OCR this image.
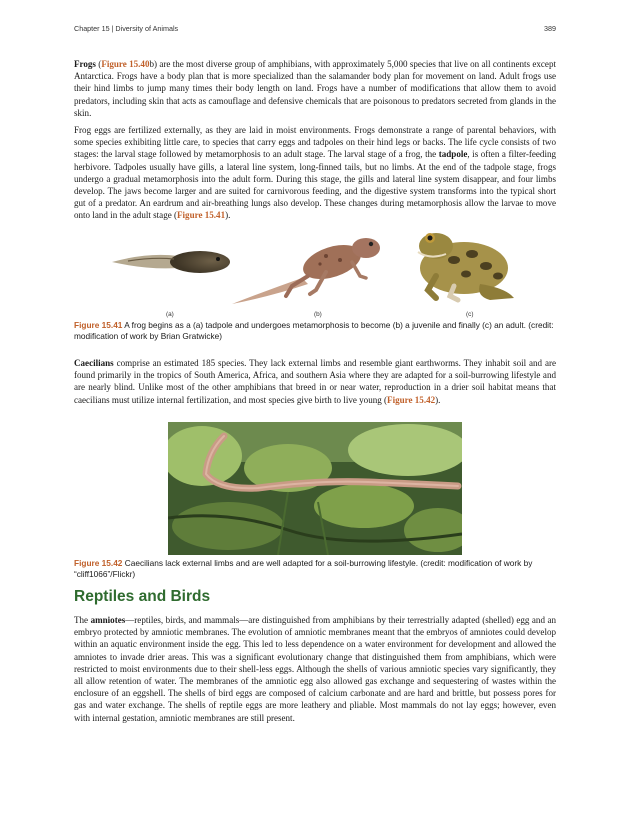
Chapter 15 | Diversity of Animals	389

Frogs (Figure 15.40b) are the most diverse group of amphibians, with approximately 5,000 species that live on all continents except Antarctica. Frogs have a body plan that is more specialized than the salamander body plan for movement on land. Adult frogs use their hind limbs to jump many times their body length on land. Frogs have a number of modifications that allow them to avoid predators, including skin that acts as camouflage and defensive chemicals that are poisonous to predators secreted from glands in the skin.

Frog eggs are fertilized externally, as they are laid in moist environments. Frogs demonstrate a range of parental behaviors, with some species exhibiting little care, to species that carry eggs and tadpoles on their hind legs or backs. The life cycle consists of two stages: the larval stage followed by metamorphosis to an adult stage. The larval stage of a frog, the tadpole, is often a filter-feeding herbivore. Tadpoles usually have gills, a lateral line system, long-finned tails, but no limbs. At the end of the tadpole stage, frogs undergo a gradual metamorphosis into the adult form. During this stage, the gills and lateral line system disappear, and four limbs develop. The jaws become larger and are suited for carnivorous feeding, and the digestive system transforms into the typical short gut of a predator. An eardrum and air-breathing lungs also develop. These changes during metamorphosis allow the larvae to move onto land in the adult stage (Figure 15.41).

(a)	(b)	(c)

Figure 15.41 A frog begins as a (a) tadpole and undergoes metamorphosis to become (b) a juvenile and finally (c) an adult. (credit: modification of work by Brian Gratwicke)

Caecilians comprise an estimated 185 species. They lack external limbs and resemble giant earthworms. They inhabit soil and are found primarily in the tropics of South America, Africa, and southern Asia where they are adapted for a soil-burrowing lifestyle and are nearly blind. Unlike most of the other amphibians that breed in or near water, reproduction in a drier soil habitat means that caecilians must utilize internal fertilization, and most species give birth to live young (Figure 15.42).

Figure 15.42 Caecilians lack external limbs and are well adapted for a soil-burrowing lifestyle. (credit: modification of work by “cliff1066”/Flickr)

Reptiles and Birds

The amniotes—reptiles, birds, and mammals—are distinguished from amphibians by their terrestrially adapted (shelled) egg and an embryo protected by amniotic membranes. The evolution of amniotic membranes meant that the embryos of amniotes could develop within an aquatic environment inside the egg. This led to less dependence on a water environment for development and allowed the amniotes to invade drier areas. This was a significant evolutionary change that distinguished them from amphibians, which were restricted to moist environments due to their shell-less eggs. Although the shells of various amniotic species vary significantly, they all allow retention of water. The membranes of the amniotic egg also allowed gas exchange and sequestering of wastes within the enclosure of an eggshell. The shells of bird eggs are composed of calcium carbonate and are hard and brittle, but possess pores for gas and water exchange. The shells of reptile eggs are more leathery and pliable. Most mammals do not lay eggs; however, even with internal gestation, amniotic membranes are still present.
